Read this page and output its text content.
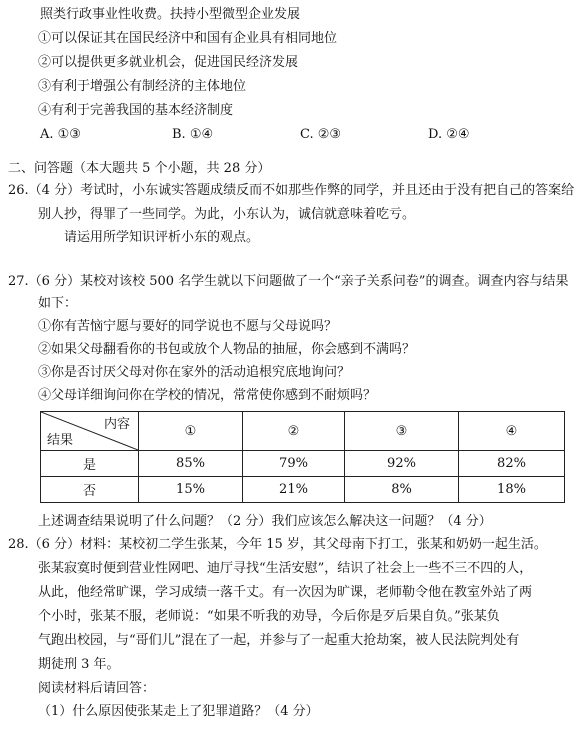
照类行政事业性收费。扶持小型微型企业发展
①可以保证其在国民经济中和国有企业具有相同地位
②可以提供更多就业机会，促进国民经济发展
③有利于增强公有制经济的主体地位
④有利于完善我国的基本经济制度
A. ①③	B. ①④	C. ②③	D. ②④
二、问答题（本大题共 5 个小题，共 28 分）
26.（4 分）考试时，小东诚实答题成绩反而不如那些作弊的同学，并且还由于没有把自己的答案给
别人抄，得罪了一些同学。为此，小东认为，诚信就意味着吃亏。
请运用所学知识评析小东的观点。
27.（6 分）某校对该校 500 名学生就以下问题做了一个“亲子关系问卷”的调查。调查内容与结果
如下：
①你有苦恼宁愿与要好的同学说也不愿与父母说吗？
②如果父母翻看你的书包或放个人物品的抽屉，你会感到不满吗？
③你是否讨厌父母对你在家外的活动追根究底地询问？
④父母详细询问你在学校的情况，常常使你感到不耐烦吗？
内容
结果	①	②	③	④
是	85%	79%	92%	82%
否	15%	21%	8%	18%
上述调查结果说明了什么问题？（2 分）我们应该怎么解决这一问题？（4 分）
28.（6 分）材料：某校初二学生张某，今年 15 岁，其父母南下打工，张某和奶奶一起生活。
张某寂寞时便到营业性网吧、迪厅寻找“生活安慰”，结识了社会上一些不三不四的人，
从此，他经常旷课，学习成绩一落千丈。有一次因为旷课，老师勒令他在教室外站了两
个小时，张某不服，老师说：“如果不听我的劝导，今后你是歹后果自负。”张某负
气跑出校园，与“哥们儿”混在了一起，并参与了一起重大抢劫案，被人民法院判处有
期徒刑 3 年。
阅读材料后请回答：
（1）什么原因使张某走上了犯罪道路？（4 分）
